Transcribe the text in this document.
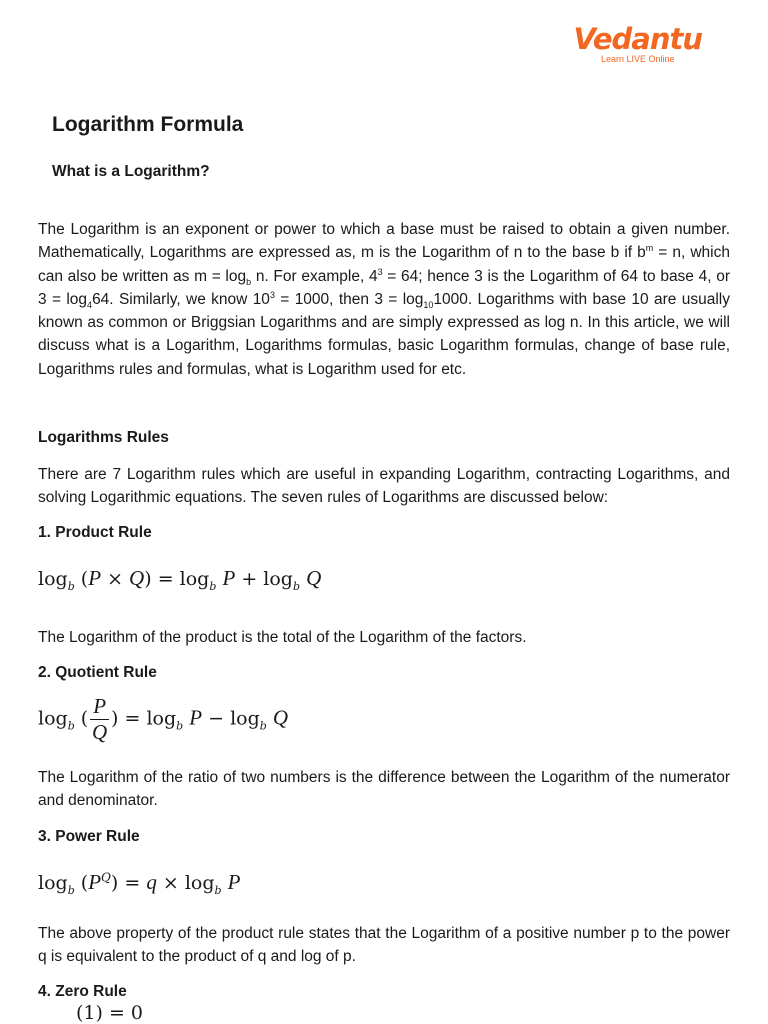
Vedantu
Learn LIVE Online
Logarithm Formula
What is a Logarithm?
The Logarithm is an exponent or power to which a base must be raised to obtain a given number. Mathematically, Logarithms are expressed as, m is the Logarithm of n to the base b if $b^m = n$, which can also be written as $m = \log_b n$. For example, $4^3 = 64$; hence 3 is the Logarithm of 64 to base 4, or $3 = \log_464$. Similarly, we know $10^3 = 1000$, then $3 = \log_{10}1000$. Logarithms with base 10 are usually known as common or Briggsian Logarithms and are simply expressed as log n. In this article, we will discuss what is a Logarithm, Logarithms formulas, basic Logarithm formulas, change of base rule, Logarithms rules and formulas, what is Logarithm used for etc.
Logarithms Rules
There are 7 Logarithm rules which are useful in expanding Logarithm, contracting Logarithms, and solving Logarithmic equations. The seven rules of Logarithms are discussed below:
1. Product Rule
$\log_b (P \times Q) = \log_b P + \log_b Q$
The Logarithm of the product is the total of the Logarithm of the factors.
2. Quotient Rule
$\log_b$ ( $\frac{P}{Q}$ ) = $\log_b P - \log_b Q$
The Logarithm of the ratio of two numbers is the difference between the Logarithm of the numerator and denominator.
3. Power Rule
$\log_b (P^Q) = q \times \log_b P$
The above property of the product rule states that the Logarithm of a positive number p to the power q is equivalent to the product of q and log of p.
4. Zero Rule
(1) = 0
